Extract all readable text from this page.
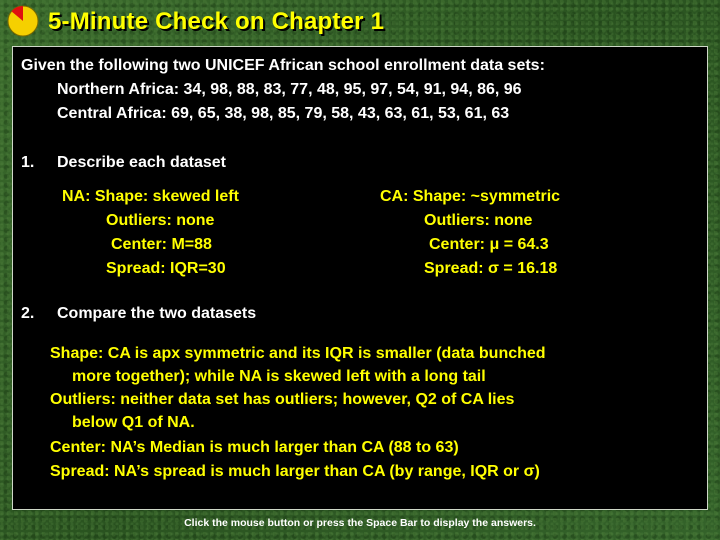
5-Minute Check on Chapter 1
Given the following two UNICEF African school enrollment data sets:
Northern Africa: 34, 98, 88, 83, 77, 48, 95, 97, 54, 91, 94, 86, 96
Central Africa: 69, 65, 38, 98, 85, 79, 58, 43, 63, 61, 53, 61, 63
1. Describe each dataset
NA: Shape: skewed left
Outliers: none
Center: M=88
Spread: IQR=30
CA: Shape: ~symmetric
Outliers: none
Center: μ = 64.3
Spread: σ = 16.18
2. Compare the two datasets
Shape: CA is apx symmetric and its IQR is smaller (data bunched
more together); while NA is skewed left with a long tail
Outliers: neither data set has outliers; however, Q2 of CA lies
below Q1 of NA.
Center: NA’s Median is much larger than CA (88 to 63)
Spread: NA’s spread is much larger than CA (by range, IQR or σ)
Click the mouse button or press the Space Bar to display the answers.
